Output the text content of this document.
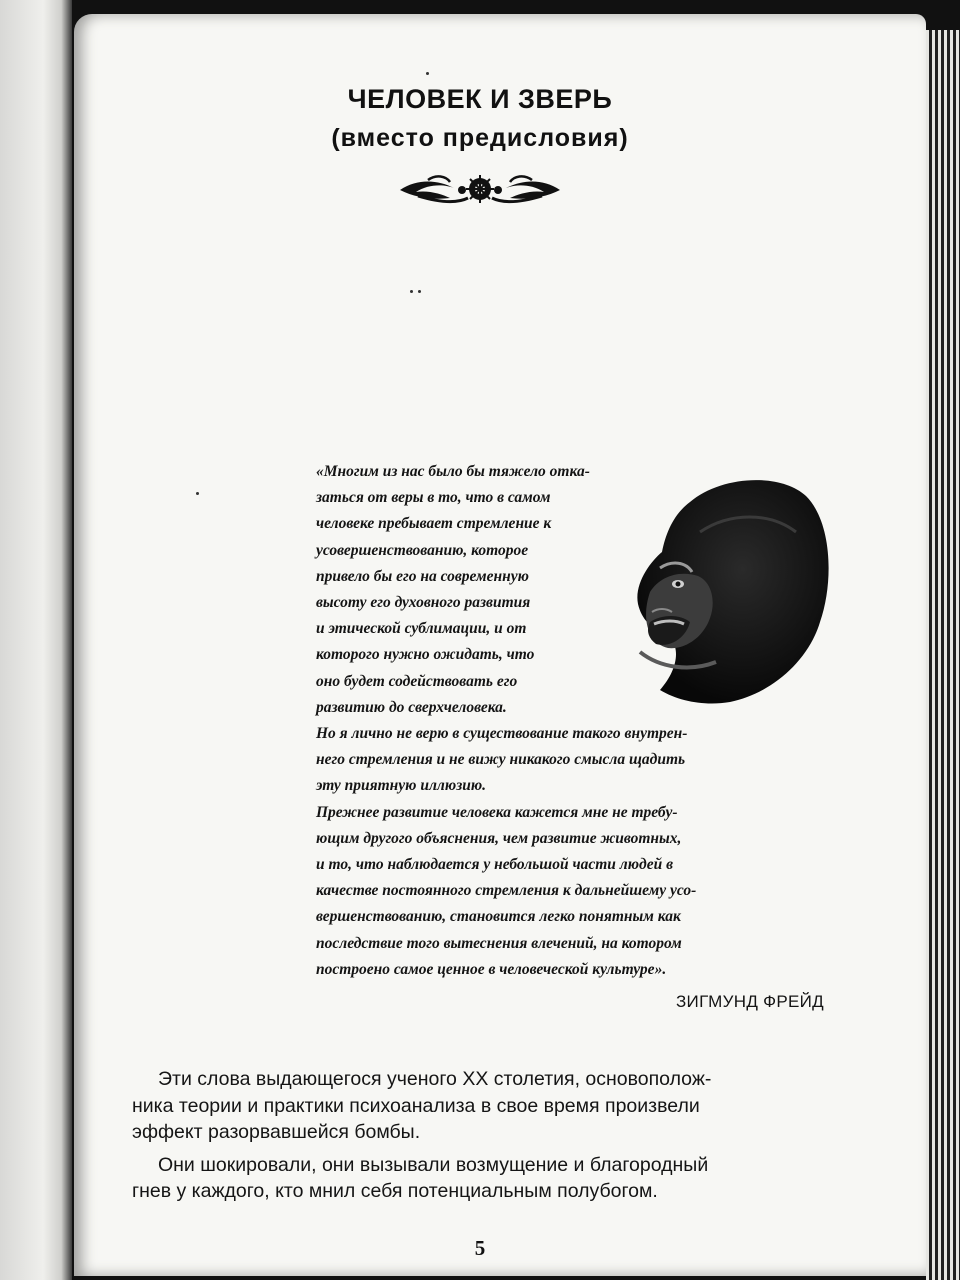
ЧЕЛОВЕК И ЗВЕРЬ
(вместо предисловия)

«Многим из нас было бы тяжело отка-
заться от веры в то, что в самом
человеке пребывает стремление к
усовершенствованию, которое
привело бы его на современную
высоту его духовного развития
и этической сублимации, и от
которого нужно ожидать, что
оно будет содействовать его
развитию до сверхчеловека.

Но я лично не верю в существование такого внутрен-
него стремления и не вижу никакого смысла щадить
эту приятную иллюзию.

Прежнее развитие человека кажется мне не требу-
ющим другого объяснения, чем развитие животных,
и то, что наблюдается у небольшой части людей в
качестве постоянного стремления к дальнейшему усо-
вершенствованию, становится легко понятным как
последствие того вытеснения влечений, на котором
построено самое ценное в человеческой культуре».

ЗИГМУНД ФРЕЙД

Эти слова выдающегося ученого XX столетия, основополож-
ника теории и практики психоанализа в свое время произвели
эффект разорвавшейся бомбы.

Они шокировали, они вызывали возмущение и благородный
гнев у каждого, кто мнил себя потенциальным полубогом.

5
